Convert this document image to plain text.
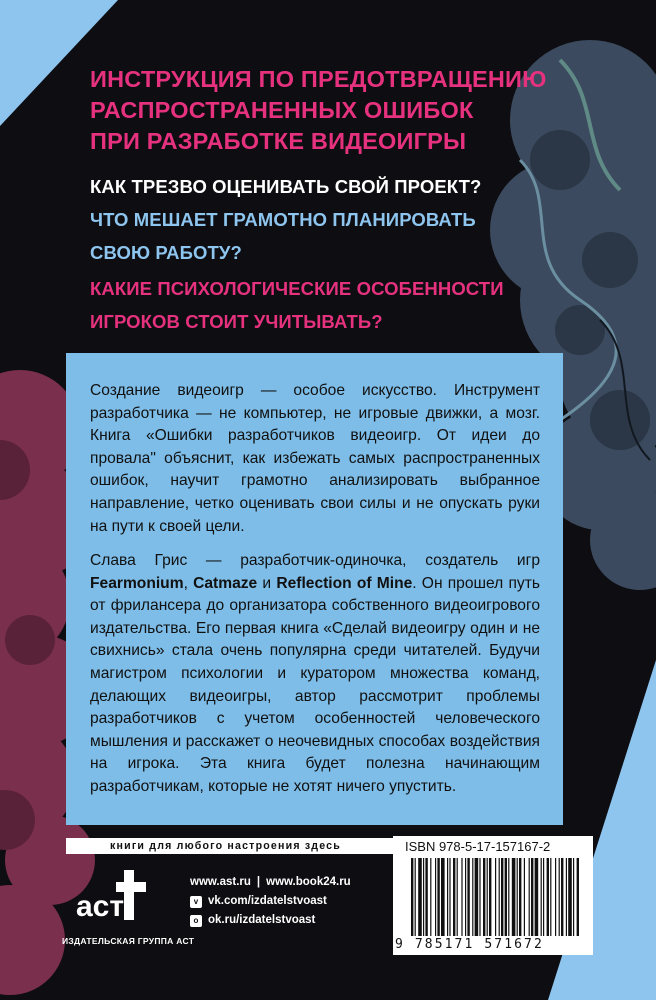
ИНСТРУКЦИЯ ПО ПРЕДОТВРАЩЕНИЮ
РАСПРОСТРАНЕННЫХ ОШИБОК
ПРИ РАЗРАБОТКЕ ВИДЕОИГРЫ

КАК ТРЕЗВО ОЦЕНИВАТЬ СВОЙ ПРОЕКТ?

ЧТО МЕШАЕТ ГРАМОТНО ПЛАНИРОВАТЬ СВОЮ РАБОТУ?

КАКИЕ ПСИХОЛОГИЧЕСКИЕ ОСОБЕННОСТИ ИГРОКОВ СТОИТ УЧИТЫВАТЬ?

Создание видеоигр — особое искусство. Инструмент разработчика — не компьютер, не игровые движки, а мозг. Книга «Ошибки разработчиков видеоигр. От идеи до провала" объяснит, как избежать самых распространенных ошибок, научит грамотно анализировать выбранное направление, четко оценивать свои силы и не опускать руки на пути к своей цели.

Слава Грис — разработчик-одиночка, создатель игр Fearmonium, Catmaze и Reflection of Mine. Он прошел путь от фрилансера до организатора собственного видеоигрового издательства. Его первая книга «Сделай видеоигру один и не свихнись» стала очень популярна среди читателей. Будучи магистром психологии и куратором множества команд, делающих видеоигры, автор рассмотрит проблемы разработчиков с учетом особенностей человеческого мышления и расскажет о неочевидных способах воздействия на игрока. Эта книга будет полезна начинающим разработчикам, которые не хотят ничего упустить.

книги для любого настроения здесь
аст
ИЗДАТЕЛЬСКАЯ ГРУППА АСТ
www.ast.ru | www.book24.ru
v vk.com/izdatelstvoast
o ok.ru/izdatelstvoast
ISBN 978-5-17-157167-2
9 785171 571672
